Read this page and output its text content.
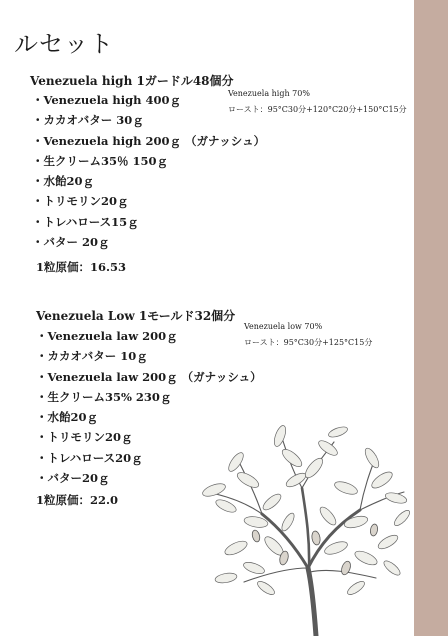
ルセット
Venezuela high 1ガードル48個分
・ Venezuela high 400ｇ
・ カカオバター 30ｇ
・ Venezuela high 200ｇ （ガナッシュ）
・ 生クリーム35％ 150ｇ
・ 水飴20ｇ
・ トリモリン20ｇ
・ トレハロース15ｇ
・ バター 20ｇ
Venezuela high 70%
ロースト：95°C30分+120°C20分+150°C15分
1粒原価：16.53
Venezuela Low 1モールド32個分
・ Venezuela law 200ｇ
・ カカオバター 10ｇ
・ Venezuela law 200ｇ （ガナッシュ）
・ 生クリーム35% 230ｇ
・ 水飴20ｇ
・ トリモリン20ｇ
・ トレハロース20ｇ
・ バター20ｇ
Venezuela low 70%
ロースト：95°C30分+125°C15分
1粒原価：22.0
